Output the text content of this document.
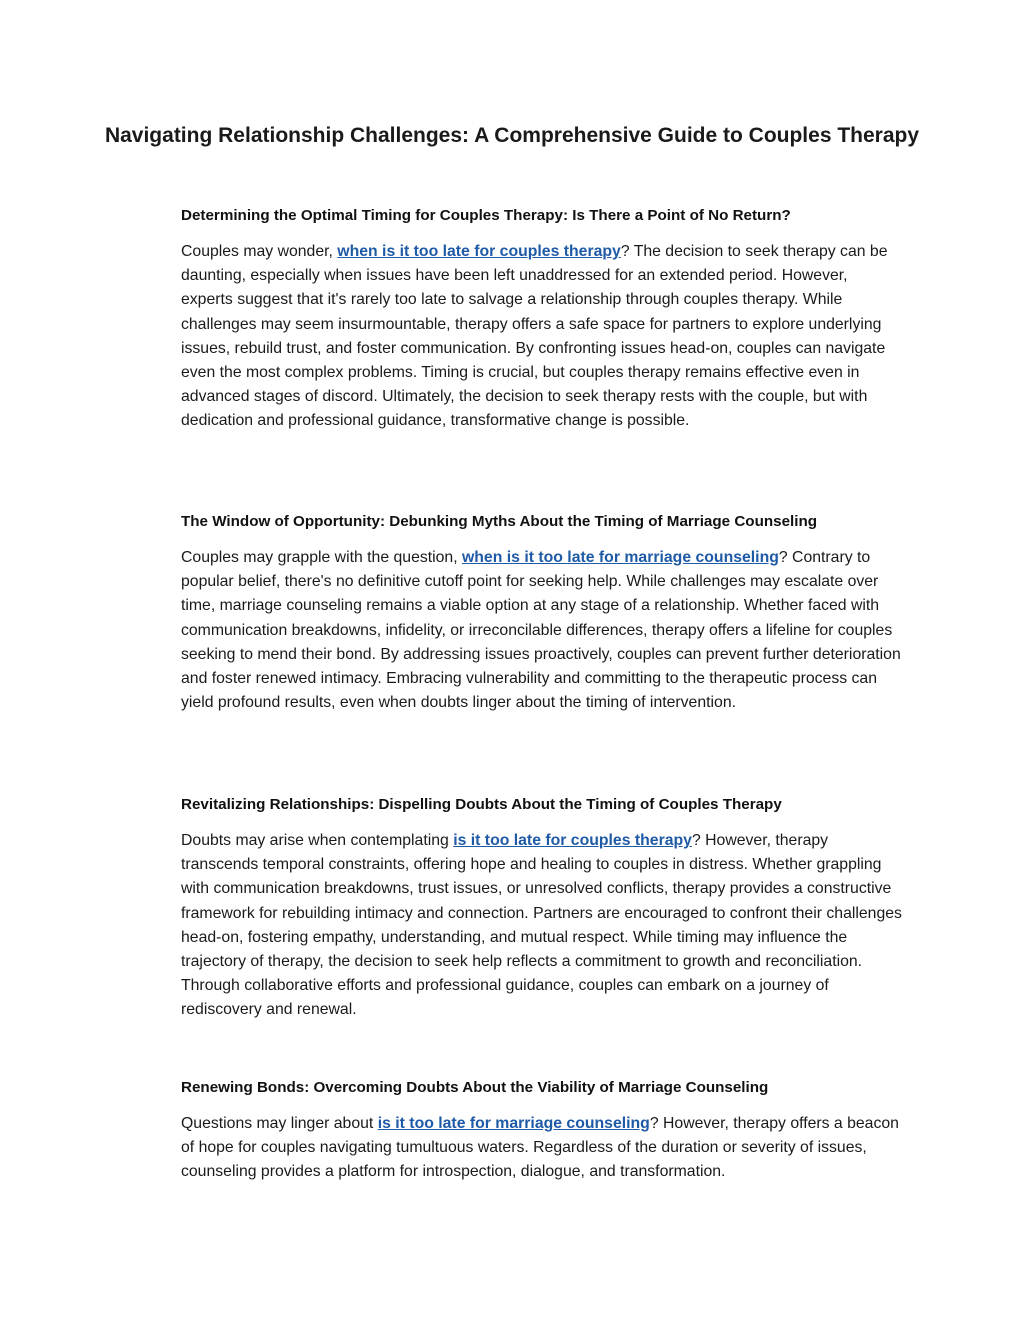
Navigating Relationship Challenges: A Comprehensive Guide to Couples Therapy
Determining the Optimal Timing for Couples Therapy: Is There a Point of No Return?

Couples may wonder, when is it too late for couples therapy? The decision to seek therapy can be daunting, especially when issues have been left unaddressed for an extended period. However, experts suggest that it's rarely too late to salvage a relationship through couples therapy. While challenges may seem insurmountable, therapy offers a safe space for partners to explore underlying issues, rebuild trust, and foster communication. By confronting issues head-on, couples can navigate even the most complex problems. Timing is crucial, but couples therapy remains effective even in advanced stages of discord. Ultimately, the decision to seek therapy rests with the couple, but with dedication and professional guidance, transformative change is possible.

The Window of Opportunity: Debunking Myths About the Timing of Marriage Counseling

Couples may grapple with the question, when is it too late for marriage counseling? Contrary to popular belief, there's no definitive cutoff point for seeking help. While challenges may escalate over time, marriage counseling remains a viable option at any stage of a relationship. Whether faced with communication breakdowns, infidelity, or irreconcilable differences, therapy offers a lifeline for couples seeking to mend their bond. By addressing issues proactively, couples can prevent further deterioration and foster renewed intimacy. Embracing vulnerability and committing to the therapeutic process can yield profound results, even when doubts linger about the timing of intervention.

Revitalizing Relationships: Dispelling Doubts About the Timing of Couples Therapy

Doubts may arise when contemplating is it too late for couples therapy? However, therapy transcends temporal constraints, offering hope and healing to couples in distress. Whether grappling with communication breakdowns, trust issues, or unresolved conflicts, therapy provides a constructive framework for rebuilding intimacy and connection. Partners are encouraged to confront their challenges head-on, fostering empathy, understanding, and mutual respect. While timing may influence the trajectory of therapy, the decision to seek help reflects a commitment to growth and reconciliation. Through collaborative efforts and professional guidance, couples can embark on a journey of rediscovery and renewal.

Renewing Bonds: Overcoming Doubts About the Viability of Marriage Counseling

Questions may linger about is it too late for marriage counseling? However, therapy offers a beacon of hope for couples navigating tumultuous waters. Regardless of the duration or severity of issues, counseling provides a platform for introspection, dialogue, and transformation.
